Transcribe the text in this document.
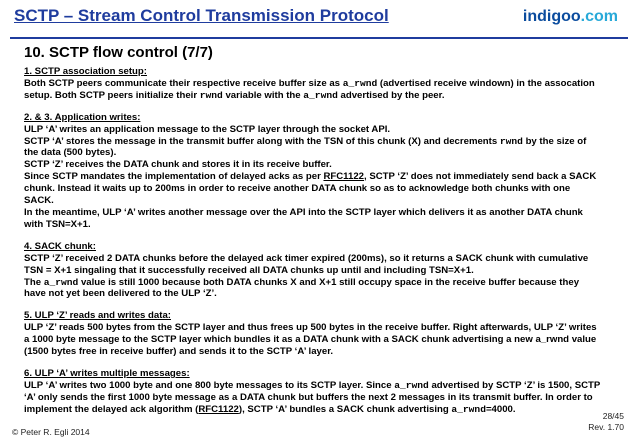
SCTP – Stream Control Transmission Protocol	indigoo.com
10. SCTP flow control (7/7)

1. SCTP association setup:

Both SCTP peers communicate their respective receive buffer size as a_rwnd (advertised receive windown) in the assocation
setup. Both SCTP peers initialize their rwnd variable with the a_rwnd advertised by the peer.

2. & 3. Application writes:

ULP ‘A’ writes an application message to the SCTP layer through the socket API.

SCTP ‘A’ stores the message in the transmit buffer along with the TSN of this chunk (X) and decrements rwnd by the size of
the data (500 bytes).

SCTP ‘Z’ receives the DATA chunk and stores it in its receive buffer.

Since SCTP mandates the implementation of delayed acks as per RFC1122, SCTP ‘Z’ does not immediately send back a SACK
chunk. Instead it waits up to 200ms in order to receive another DATA chunk so as to acknowledge both chunks with one
SACK.

In the meantime, ULP ‘A’ writes another message over the API into the SCTP layer which delivers it as another DATA chunk
with TSN=X+1.

4. SACK chunk:

SCTP ‘Z’ received 2 DATA chunks before the delayed ack timer expired (200ms), so it returns a SACK chunk with cumulative
TSN = X+1 singaling that it successfully received all DATA chunks up until and including TSN=X+1.

The a_rwnd value is still 1000 because both DATA chunks X and X+1 still occupy space in the receive buffer because they
have not yet been delivered to the ULP ‘Z’.

5. ULP ‘Z’ reads and writes data:

ULP ‘Z’ reads 500 bytes from the SCTP layer and thus frees up 500 bytes in the receive buffer. Right afterwards, ULP ‘Z’ writes
a 1000 byte message to the SCTP layer which bundles it as a DATA chunk with a SACK chunk advertising a new a_rwnd value
(1500 bytes free in receive buffer) and sends it to the SCTP ‘A’ layer.

6. ULP ‘A’ writes multiple messages:

ULP ‘A’ writes two 1000 byte and one 800 byte messages to its SCTP layer. Since a_rwnd advertised by SCTP ‘Z’ is 1500, SCTP
‘A’ only sends the first 1000 byte message as a DATA chunk but buffers the next 2 messages in its transmit buffer. In order to
implement the delayed ack algorithm (RFC1122), SCTP ‘A’ bundles a SACK chunk advertising a_rwnd=4000.

© Peter R. Egli 2014
28/45
Rev. 1.70
